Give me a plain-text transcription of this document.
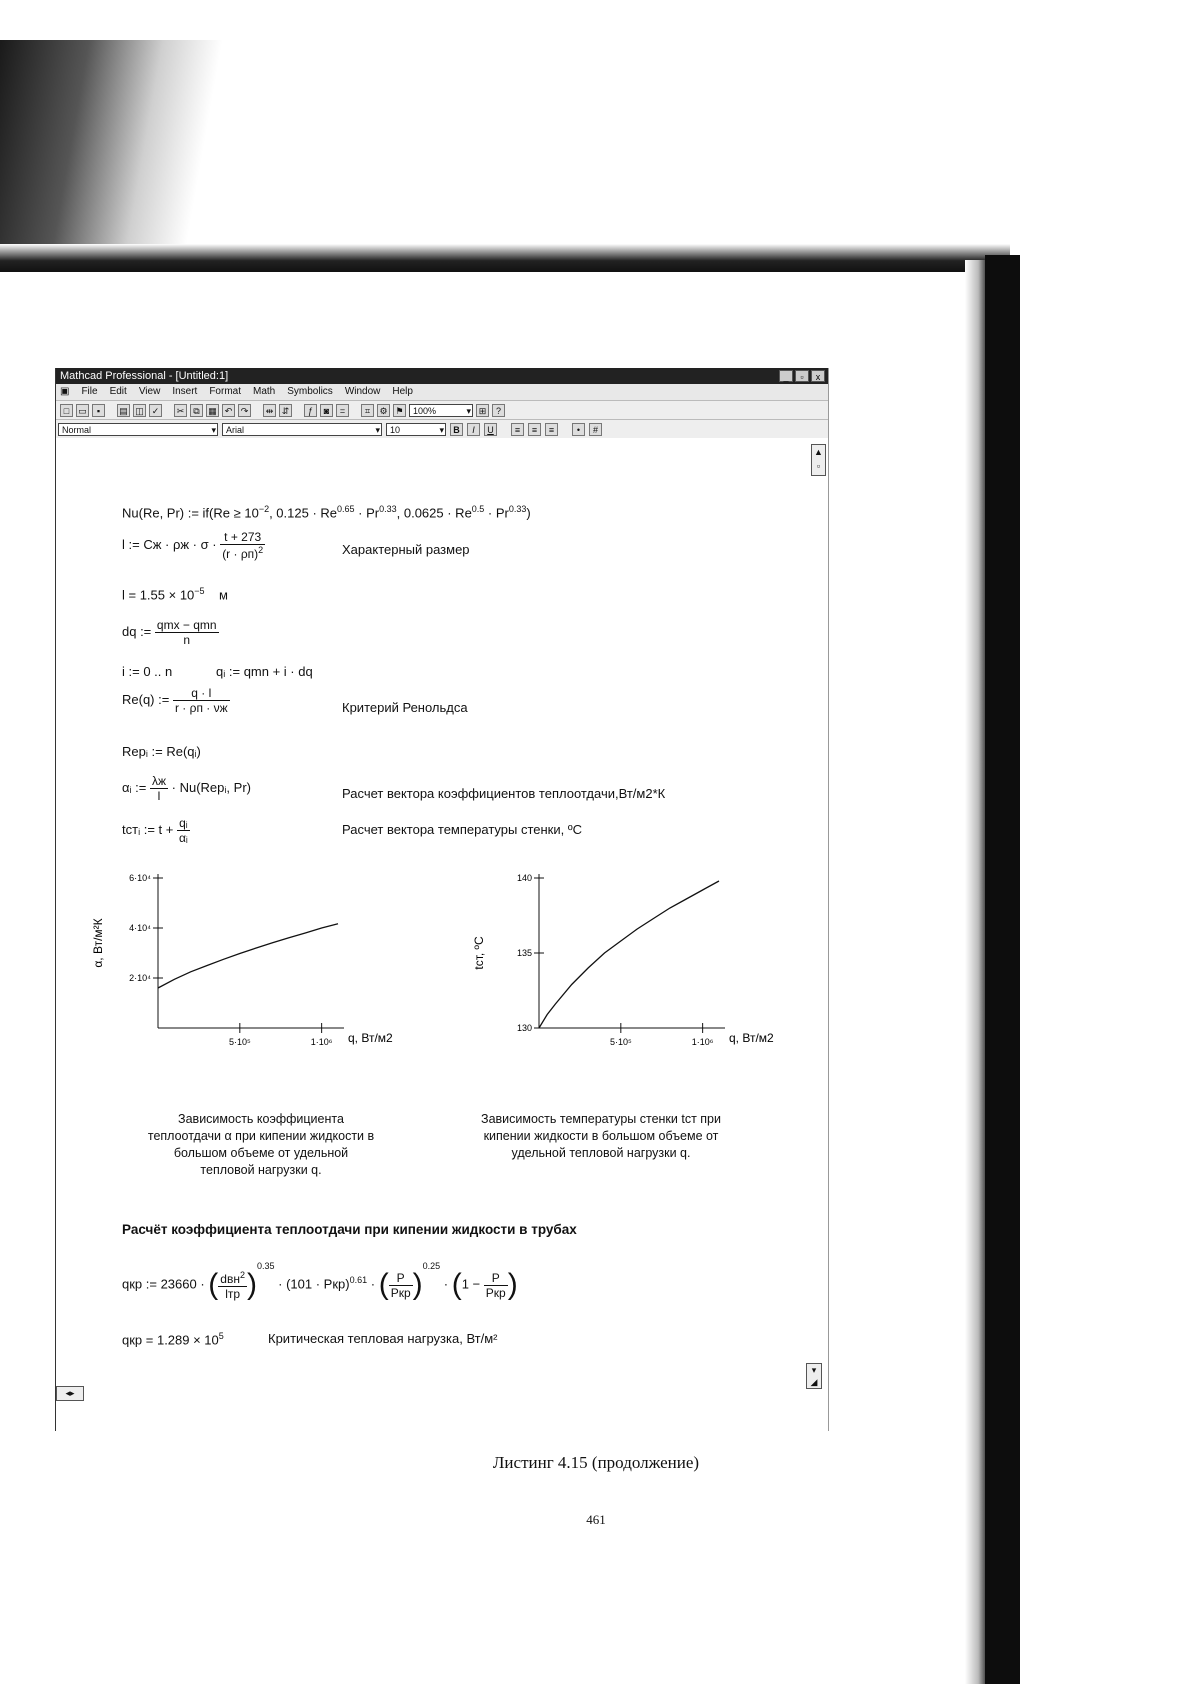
Mathcad Professional - [Untitled:1]	_	▫	x
▣ File Edit View Insert Format Math Symbolics Window Help
□	▭	▪	▤ ◫ ✓	✂	⧉ ▦ ↶ ↷	⇹ ⇵	ƒ	◙	=	⌗	⚙ ⚑	100% ▾	⊞	?
Normal ▾	Arial ▾	10 ▾	B	I	U	≡	≡	≡	•	#
▲
▫
Nu(Re, Pr) := $if(Re \ge 10^{-2}$, $0.125 \cdot Re^{0.65} \cdot Pr^{0.33}$, $0.0625 \cdot Re^{0.5} \cdot Pr^{0.33}$)
l := Cж · $\rho ж \cdot \sigma \cdot \frac{t + 273}{(r \cdot \rho п)^2}$	Характерный размер
$l = 1.55 \times 10^{-5}$ м
dq := $\frac{\text{qmx − qmn}}{n}$
i := 0 .. n	qᵢ := qmn + i · dq
Re(q) := $\frac{q \cdot l}{r \cdot \rho п \cdot \nu ж}$	Критерий Ренольдса
Repᵢ := Re(qᵢ)
αᵢ := $\frac{\lambda ж}{l}$ · Nu(Repᵢ, Pr)	Расчет вектора коэффициентов теплоотдачи,Вт/м2*К
tстᵢ := $t + \frac{\text{qᵢ}}{\text{αᵢ}}$	Расчет вектора температуры стенки, ºС
2·10⁴
4·10⁴
6·10⁴
5·10⁵	1·10⁶ q, Вт/м2
α, Вт/м²К
130
135
140
5·10⁵	1·10⁶ q, Вт/м2
tст, ºС
Зависимость коэффициента
теплоотдачи α при кипении жидкости в
большом объеме от удельной
тепловой нагрузки q.
Зависимость температуры стенки tст при
кипении жидкости в большом объеме от
удельной тепловой нагрузки q.
Расчёт коэффициента теплоотдачи при кипении жидкости в трубах
qкр := 23660 · ( $\frac{dвн^2}{\text{lтр}} )^{0.35} \cdot (101 \cdot Ркр)^{0.61}$ · ( $\frac{P}{\text{Pкр}} )^{0.25} \cdot (1 - \frac{P}{\text{Pкр}}$ )
qкр = $1.289 \times 10^5$	Критическая тепловая нагрузка, Вт/м²
◂▸
▾
◢
Листинг 4.15 (продолжение)
461
